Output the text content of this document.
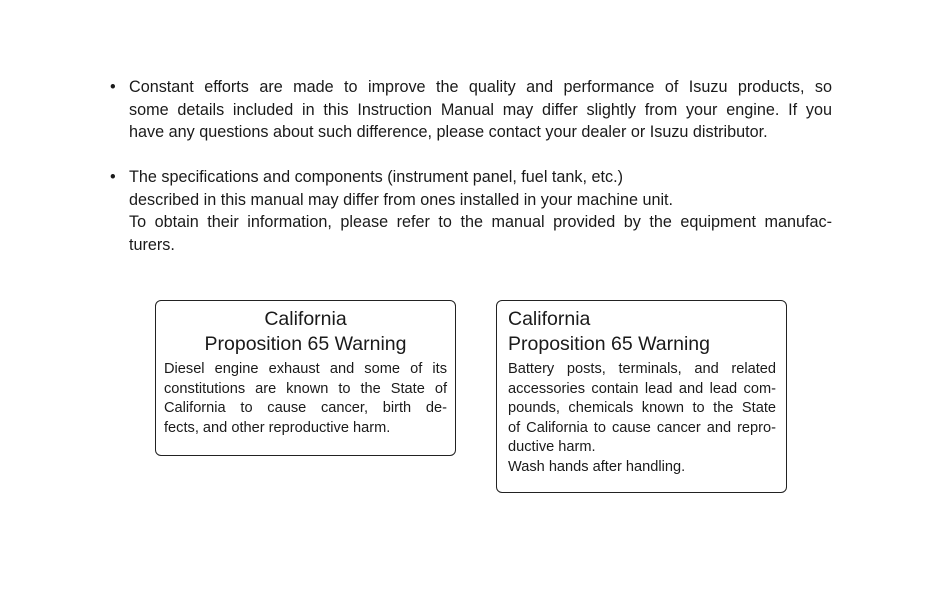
• Constant efforts are made to improve the quality and performance of Isuzu products, so
some details included in this Instruction Manual may differ slightly from your engine. If you
have any questions about such difference, please contact your dealer or Isuzu distributor.
• The specifications and components (instrument panel, fuel tank, etc.)
described in this manual may differ from ones installed in your machine unit.
To obtain their information, please refer to the manual provided by the equipment manufac-
turers.
California
Proposition 65 Warning
Diesel engine exhaust and some of its
constitutions are known to the State of
California to cause cancer, birth de-
fects, and other reproductive harm.
California
Proposition 65 Warning
Battery posts, terminals, and related
accessories contain lead and lead com-
pounds, chemicals known to the State
of California to cause cancer and repro-
ductive harm.
Wash hands after handling.
